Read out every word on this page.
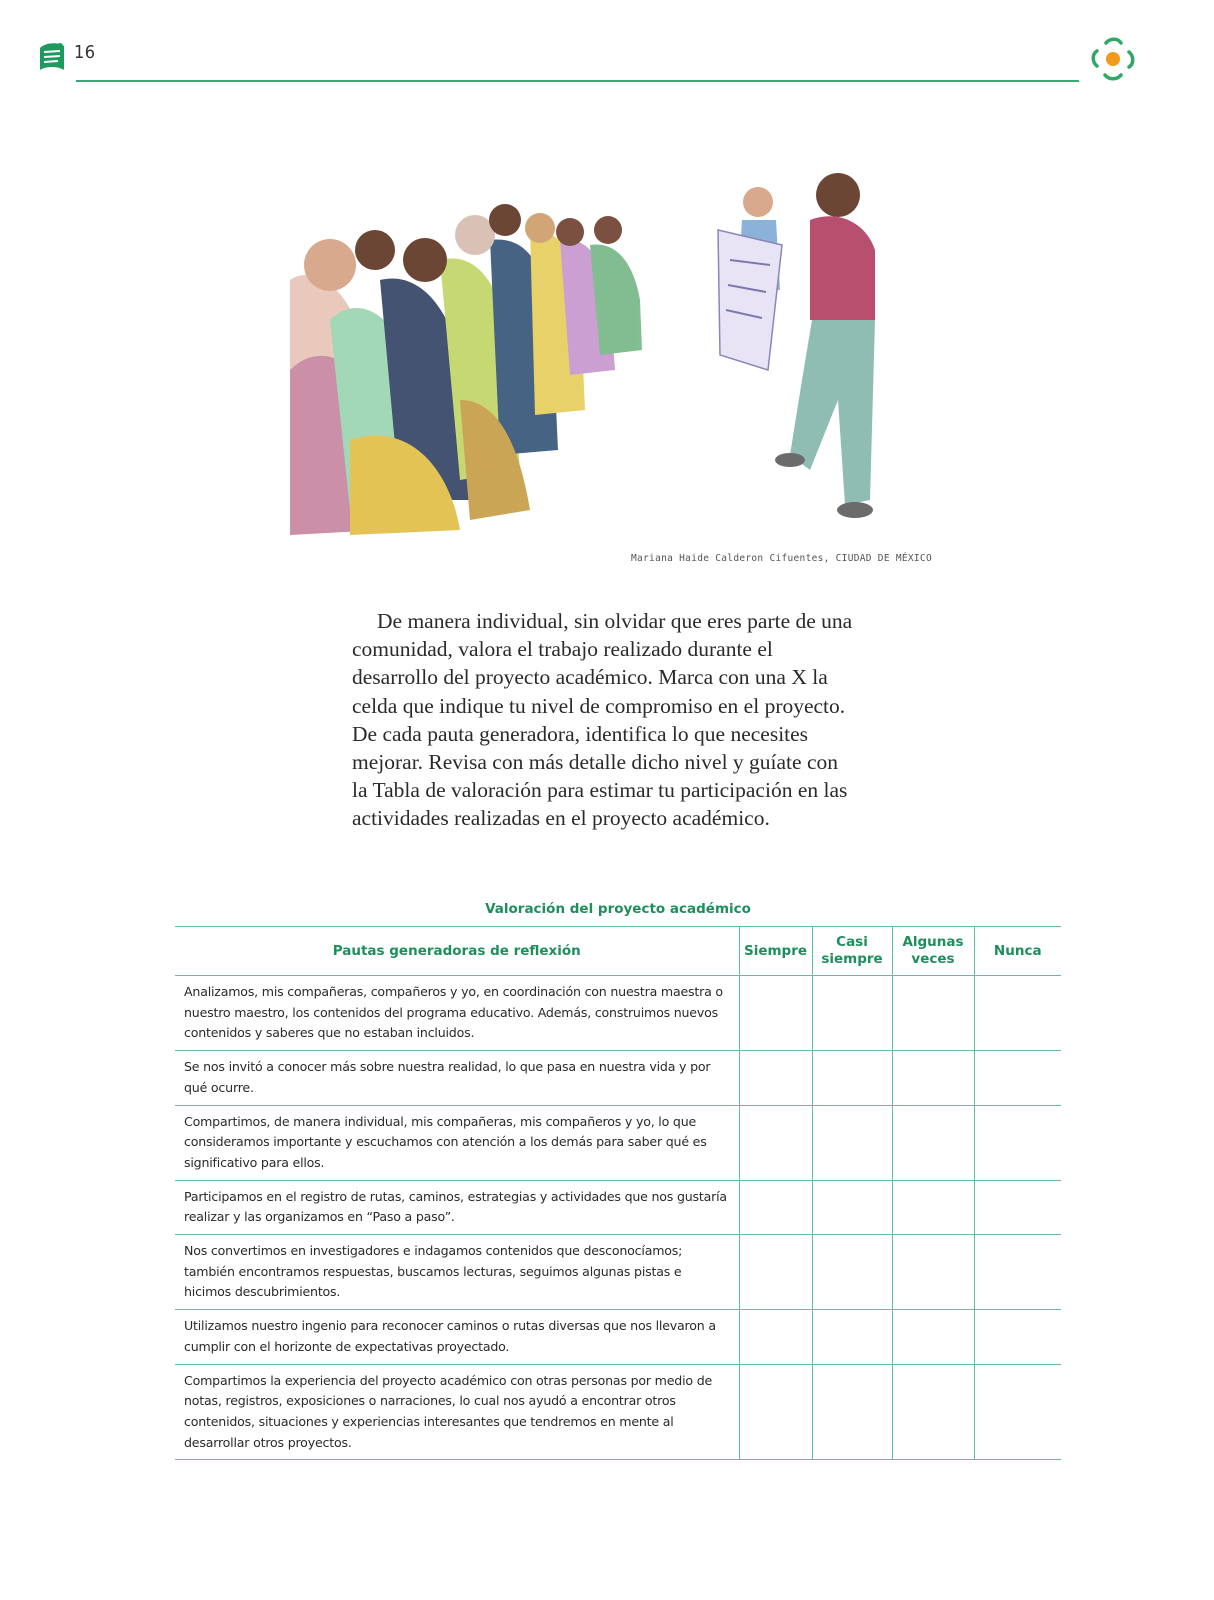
16
Mariana Haide Calderon Cifuentes, CIUDAD DE MÉXICO

De manera individual, sin olvidar que eres parte de una comunidad, valora el trabajo realizado durante el desarrollo del proyecto académico. Marca con una X la celda que indique tu nivel de compromiso en el proyecto. De cada pauta generadora, identifica lo que necesites mejorar. Revisa con más detalle dicho nivel y guíate con la Tabla de valoración para estimar tu participación en las actividades realizadas en el proyecto académico.

Valoración del proyecto académico
Pautas generadoras de reflexión	Siempre	Casi siempre	Algunas veces	Nunca
Analizamos, mis compañeras, compañeros y yo, en coordinación con nuestra maestra o nuestro maestro, los contenidos del programa educativo. Además, construimos nuevos contenidos y saberes que no estaban incluidos.				
Se nos invitó a conocer más sobre nuestra realidad, lo que pasa en nuestra vida y por qué ocurre.				
Compartimos, de manera individual, mis compañeras, mis compañeros y yo, lo que consideramos importante y escuchamos con atención a los demás para saber qué es significativo para ellos.				
Participamos en el registro de rutas, caminos, estrategias y actividades que nos gustaría realizar y las organizamos en “Paso a paso”.				
Nos convertimos en investigadores e indagamos contenidos que desconocíamos; también encontramos respuestas, buscamos lecturas, seguimos algunas pistas e hicimos descubrimientos.				
Utilizamos nuestro ingenio para reconocer caminos o rutas diversas que nos llevaron a cumplir con el horizonte de expectativas proyectado.				
Compartimos la experiencia del proyecto académico con otras personas por medio de notas, registros, exposiciones o narraciones, lo cual nos ayudó a encontrar otros contenidos, situaciones y experiencias interesantes que tendremos en mente al desarrollar otros proyectos.				
